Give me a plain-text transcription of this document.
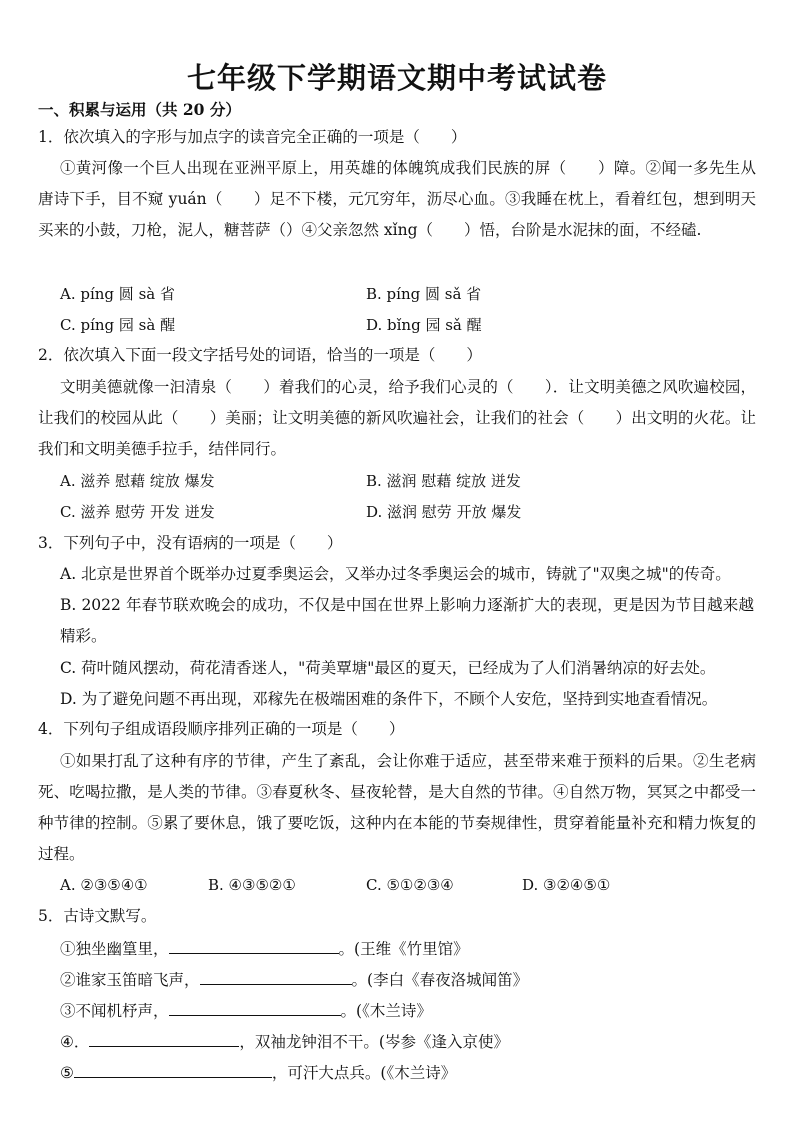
七年级下学期语文期中考试试卷
一、积累与运用（共 20 分）
1．依次填入的字形与加点字的读音完全正确的一项是（　　）
①黄河像一个巨人出现在亚洲平原上，用英雄的体魄筑成我们民族的屏（　　）障。②闻一多先生从唐诗下手，目不窥 yuán（　　）足不下楼，元冗穷年，沥尽心血。③我睡在枕上，看着红包，想到明天买来的小鼓，刀枪，泥人，糖菩萨（）④父亲忽然 xǐng（　　）悟，台阶是水泥抹的面，不经磕.
A. píng 圆 sà 省	B. píng 圆 sǎ 省
C. píng 园 sà 醒	D. bǐng 园 sǎ 醒
2．依次填入下面一段文字括号处的词语，恰当的一项是（　　）
文明美德就像一汩清泉（　　）着我们的心灵，给予我们心灵的（　　）．让文明美德之风吹遍校园，让我们的校园从此（　　）美丽；让文明美德的新风吹遍社会，让我们的社会（　　）出文明的火花。让我们和文明美德手拉手，结伴同行。
A. 滋养 慰藉 绽放 爆发	B. 滋润 慰藉 绽放 迸发
C. 滋养 慰劳 开发 迸发	D. 滋润 慰劳 开放 爆发
3．下列句子中，没有语病的一项是（　　）
A. 北京是世界首个既举办过夏季奥运会，又举办过冬季奥运会的城市，铸就了"双奥之城"的传奇。
B. 2022 年春节联欢晚会的成功，不仅是中国在世界上影响力逐渐扩大的表现，更是因为节目越来越精彩。
C. 荷叶随风摆动，荷花清香迷人，"荷美覃塘"最区的夏天，已经成为了人们消暑纳凉的好去处。
D. 为了避免问题不再出现，邓稼先在极端困难的条件下，不顾个人安危，坚持到实地查看情况。
4．下列句子组成语段顺序排列正确的一项是（　　）
①如果打乱了这种有序的节律，产生了紊乱，会让你难于适应，甚至带来难于预料的后果。②生老病死、吃喝拉撒，是人类的节律。③春夏秋冬、昼夜轮替，是大自然的节律。④自然万物，冥冥之中都受一种节律的控制。⑤累了要休息，饿了要吃饭，这种内在本能的节奏规律性，贯穿着能量补充和精力恢复的过程。
A. ②③⑤④①	B. ④③⑤②①	C. ⑤①②③④	D. ③②④⑤①
5．古诗文默写。
①独坐幽篁里，	。(王维《竹里馆》
②谁家玉笛暗飞声，	。(李白《春夜洛城闻笛》
③不闻机杼声，	。(《木兰诗》
④．	，双袖龙钟泪不干。(岑参《逢入京使》
⑤	，可汗大点兵。(《木兰诗》
